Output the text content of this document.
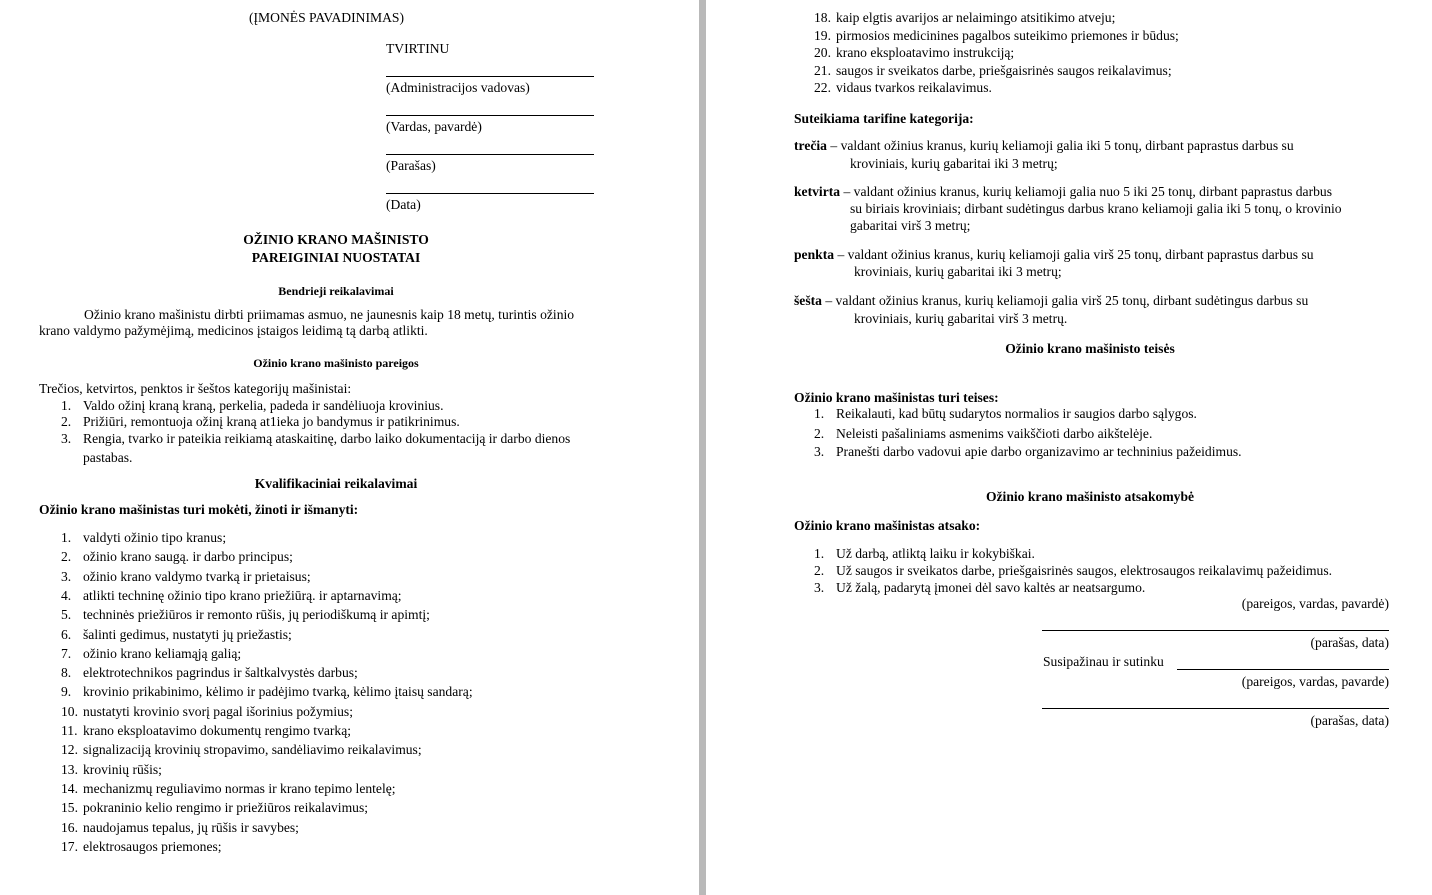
(ĮMONĖS PAVADINIMAS)
TVIRTINU
(Administracijos vadovas)
(Vardas, pavardė)
(Parašas)
(Data)
OŽINIO KRANO MAŠINISTO
PAREIGINIAI NUOSTATAI
Bendrieji reikalavimai
Ožinio krano mašinistu dirbti priimamas asmuo, ne jaunesnis kaip 18 metų, turintis ožinio
krano valdymo pažymėjimą, medicinos įstaigos leidimą tą darbą atlikti.
Ožinio krano mašinisto pareigos
Trečios, ketvirtos, penktos ir šeštos kategorijų mašinistai:
1. Valdo ožinį kraną kraną, perkelia, padeda ir sandėliuoja krovinius.
2. Prižiūri, remontuoja ožinį kraną at1ieka jo bandymus ir patikrinimus.
3. Rengia, tvarko ir pateikia reikiamą ataskaitinę, darbo laiko dokumentaciją ir darbo dienos
pastabas.
Kvalifikaciniai reikalavimai
Ožinio krano mašinistas turi mokėti, žinoti ir išmanyti:
1. valdyti ožinio tipo kranus;
2. ožinio krano saugą. ir darbo principus;
3. ožinio krano valdymo tvarką ir prietaisus;
4. atlikti techninę ožinio tipo krano priežiūrą. ir aptarnavimą;
5. techninės priežiūros ir remonto rūšis, jų periodiškumą ir apimtį;
6. šalinti gedimus, nustatyti jų priežastis;
7. ožinio krano keliamąją galią;
8. elektrotechnikos pagrindus ir šaltkalvystės darbus;
9. krovinio prikabinimo, kėlimo ir padėjimo tvarką, kėlimo įtaisų sandarą;
10. nustatyti krovinio svorį pagal išorinius požymius;
11. krano eksploatavimo dokumentų rengimo tvarką;
12. signalizaciją krovinių stropavimo, sandėliavimo reikalavimus;
13. krovinių rūšis;
14. mechanizmų reguliavimo normas ir krano tepimo lentelę;
15. pokraninio kelio rengimo ir priežiūros reikalavimus;
16. naudojamus tepalus, jų rūšis ir savybes;
17. elektrosaugos priemones;
18. kaip elgtis avarijos ar nelaimingo atsitikimo atveju;
19. pirmosios medicinines pagalbos suteikimo priemones ir būdus;
20. krano eksploatavimo instrukciją;
21. saugos ir sveikatos darbe, priešgaisrinės saugos reikalavimus;
22. vidaus tvarkos reikalavimus.
Suteikiama tarifine kategorija:
trečia – valdant ožinius kranus, kurių keliamoji galia iki 5 tonų, dirbant paprastus darbus su
kroviniais, kurių gabaritai iki 3 metrų;
ketvirta – valdant ožinius kranus, kurių keliamoji galia nuo 5 iki 25 tonų, dirbant paprastus darbus
su biriais kroviniais; dirbant sudėtingus darbus krano keliamoji galia iki 5 tonų, o krovinio
gabaritai virš 3 metrų;
penkta – valdant ožinius kranus, kurių keliamoji galia virš 25 tonų, dirbant paprastus darbus su
kroviniais, kurių gabaritai iki 3 metrų;
šešta – valdant ožinius kranus, kurių keliamoji galia virš 25 tonų, dirbant sudėtingus darbus su
kroviniais, kurių gabaritai virš 3 metrų.
Ožinio krano mašinisto teisės
Ožinio krano mašinistas turi teises:
1. Reikalauti, kad būtų sudarytos normalios ir saugios darbo sąlygos.
2. Neleisti pašaliniams asmenims vaikščioti darbo aikštelėje.
3. Pranešti darbo vadovui apie darbo organizavimo ar techninius pažeidimus.
Ožinio krano mašinisto atsakomybė
Ožinio krano mašinistas atsako:
1. Už darbą, atliktą laiku ir kokybiškai.
2. Už saugos ir sveikatos darbe, priešgaisrinės saugos, elektrosaugos reikalavimų pažeidimus.
3. Už žalą, padarytą įmonei dėl savo kaltės ar neatsargumo.
(pareigos, vardas, pavardė)
(parašas, data)
Susipažinau ir sutinku
(pareigos, vardas, pavarde)
(parašas, data)
